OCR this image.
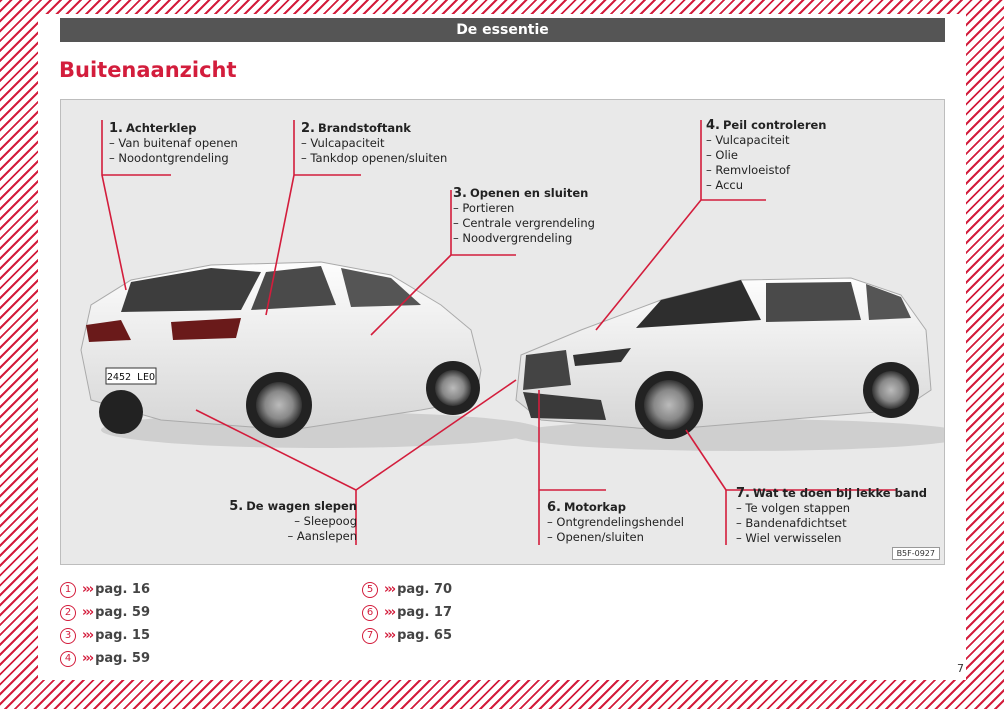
De essentie
Buitenaanzicht
2452 LEO
1. Achterklep
– Van buitenaf openen
– Noodontgrendeling
2. Brandstoftank
– Vulcapaciteit
– Tankdop openen/sluiten
3. Openen en sluiten
– Portieren
– Centrale vergrendeling
– Noodvergrendeling
4. Peil controleren
– Vulcapaciteit
– Olie
– Remvloeistof
– Accu
5. De wagen slepen
– Sleepoog
– Aanslepen
6. Motorkap
– Ontgrendelingshendel
– Openen/sluiten
7. Wat te doen bij lekke band
– Te volgen stappen
– Bandenafdichtset
– Wiel verwisselen
B5F-0927
1 ››› pag. 16
2 ››› pag. 59
3 ››› pag. 15
4 ››› pag. 59
5 ››› pag. 70
6 ››› pag. 17
7 ››› pag. 65
7
